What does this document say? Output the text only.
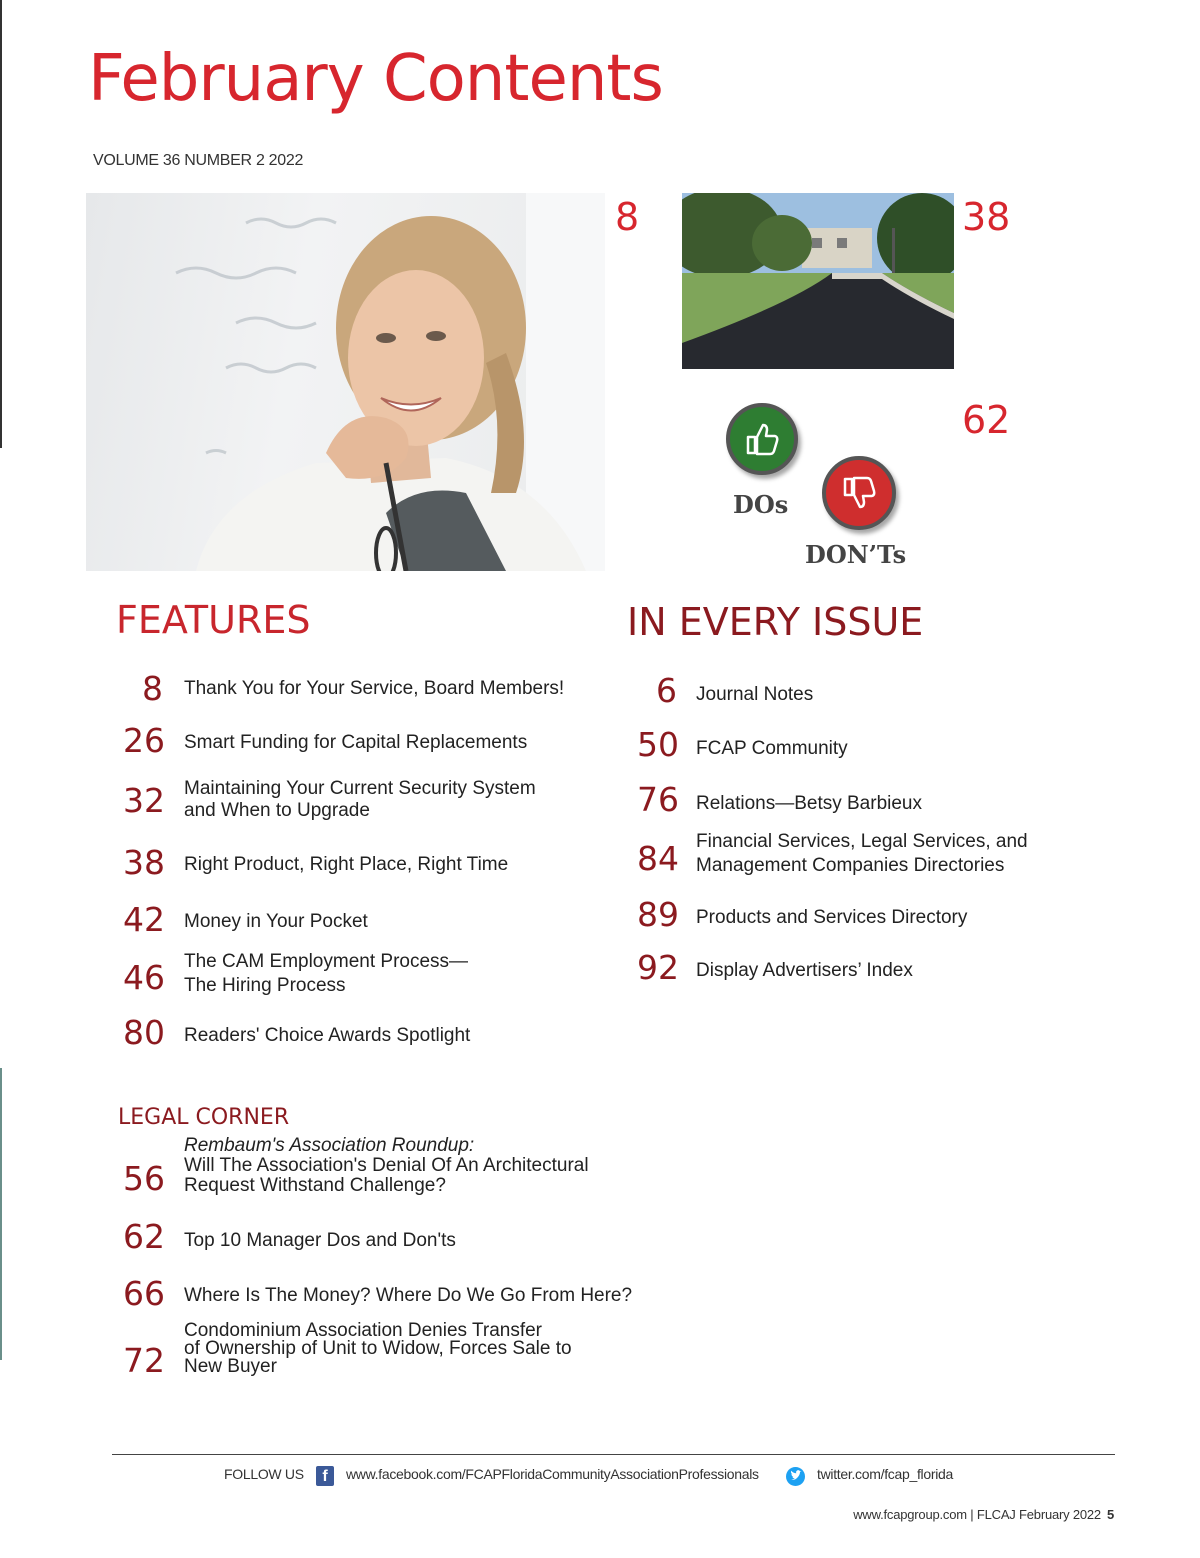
February Contents
VOLUME 36 NUMBER 2 2022
8	38
62
DOs
DON’Ts
FEATURES	IN EVERY ISSUE
LEGAL CORNER
8 Thank You for Your Service, Board Members!
26 Smart Funding for Capital Replacements
32 Maintaining Your Current Security System
and When to Upgrade
38 Right Product, Right Place, Right Time
42 Money in Your Pocket
46 The CAM Employment Process—
The Hiring Process
80 Readers' Choice Awards Spotlight
56
Rembaum's Association Roundup:
Will The Association's Denial Of An Architectural
Request Withstand Challenge?
62 Top 10 Manager Dos and Don'ts
66 Where Is The Money? Where Do We Go From Here?
72
Condominium Association Denies Transfer
of Ownership of Unit to Widow, Forces Sale to
New Buyer
6 Journal Notes
50 FCAP Community
76 Relations—Betsy Barbieux
84 Financial Services, Legal Services, and
Management Companies Directories
89 Products and Services Directory
92 Display Advertisers’ Index
FOLLOW US	f	www.facebook.com/FCAPFloridaCommunityAssociationProfessionals	twitter.com/fcap_florida
www.fcapgroup.com | FLCAJ February 2022 5
